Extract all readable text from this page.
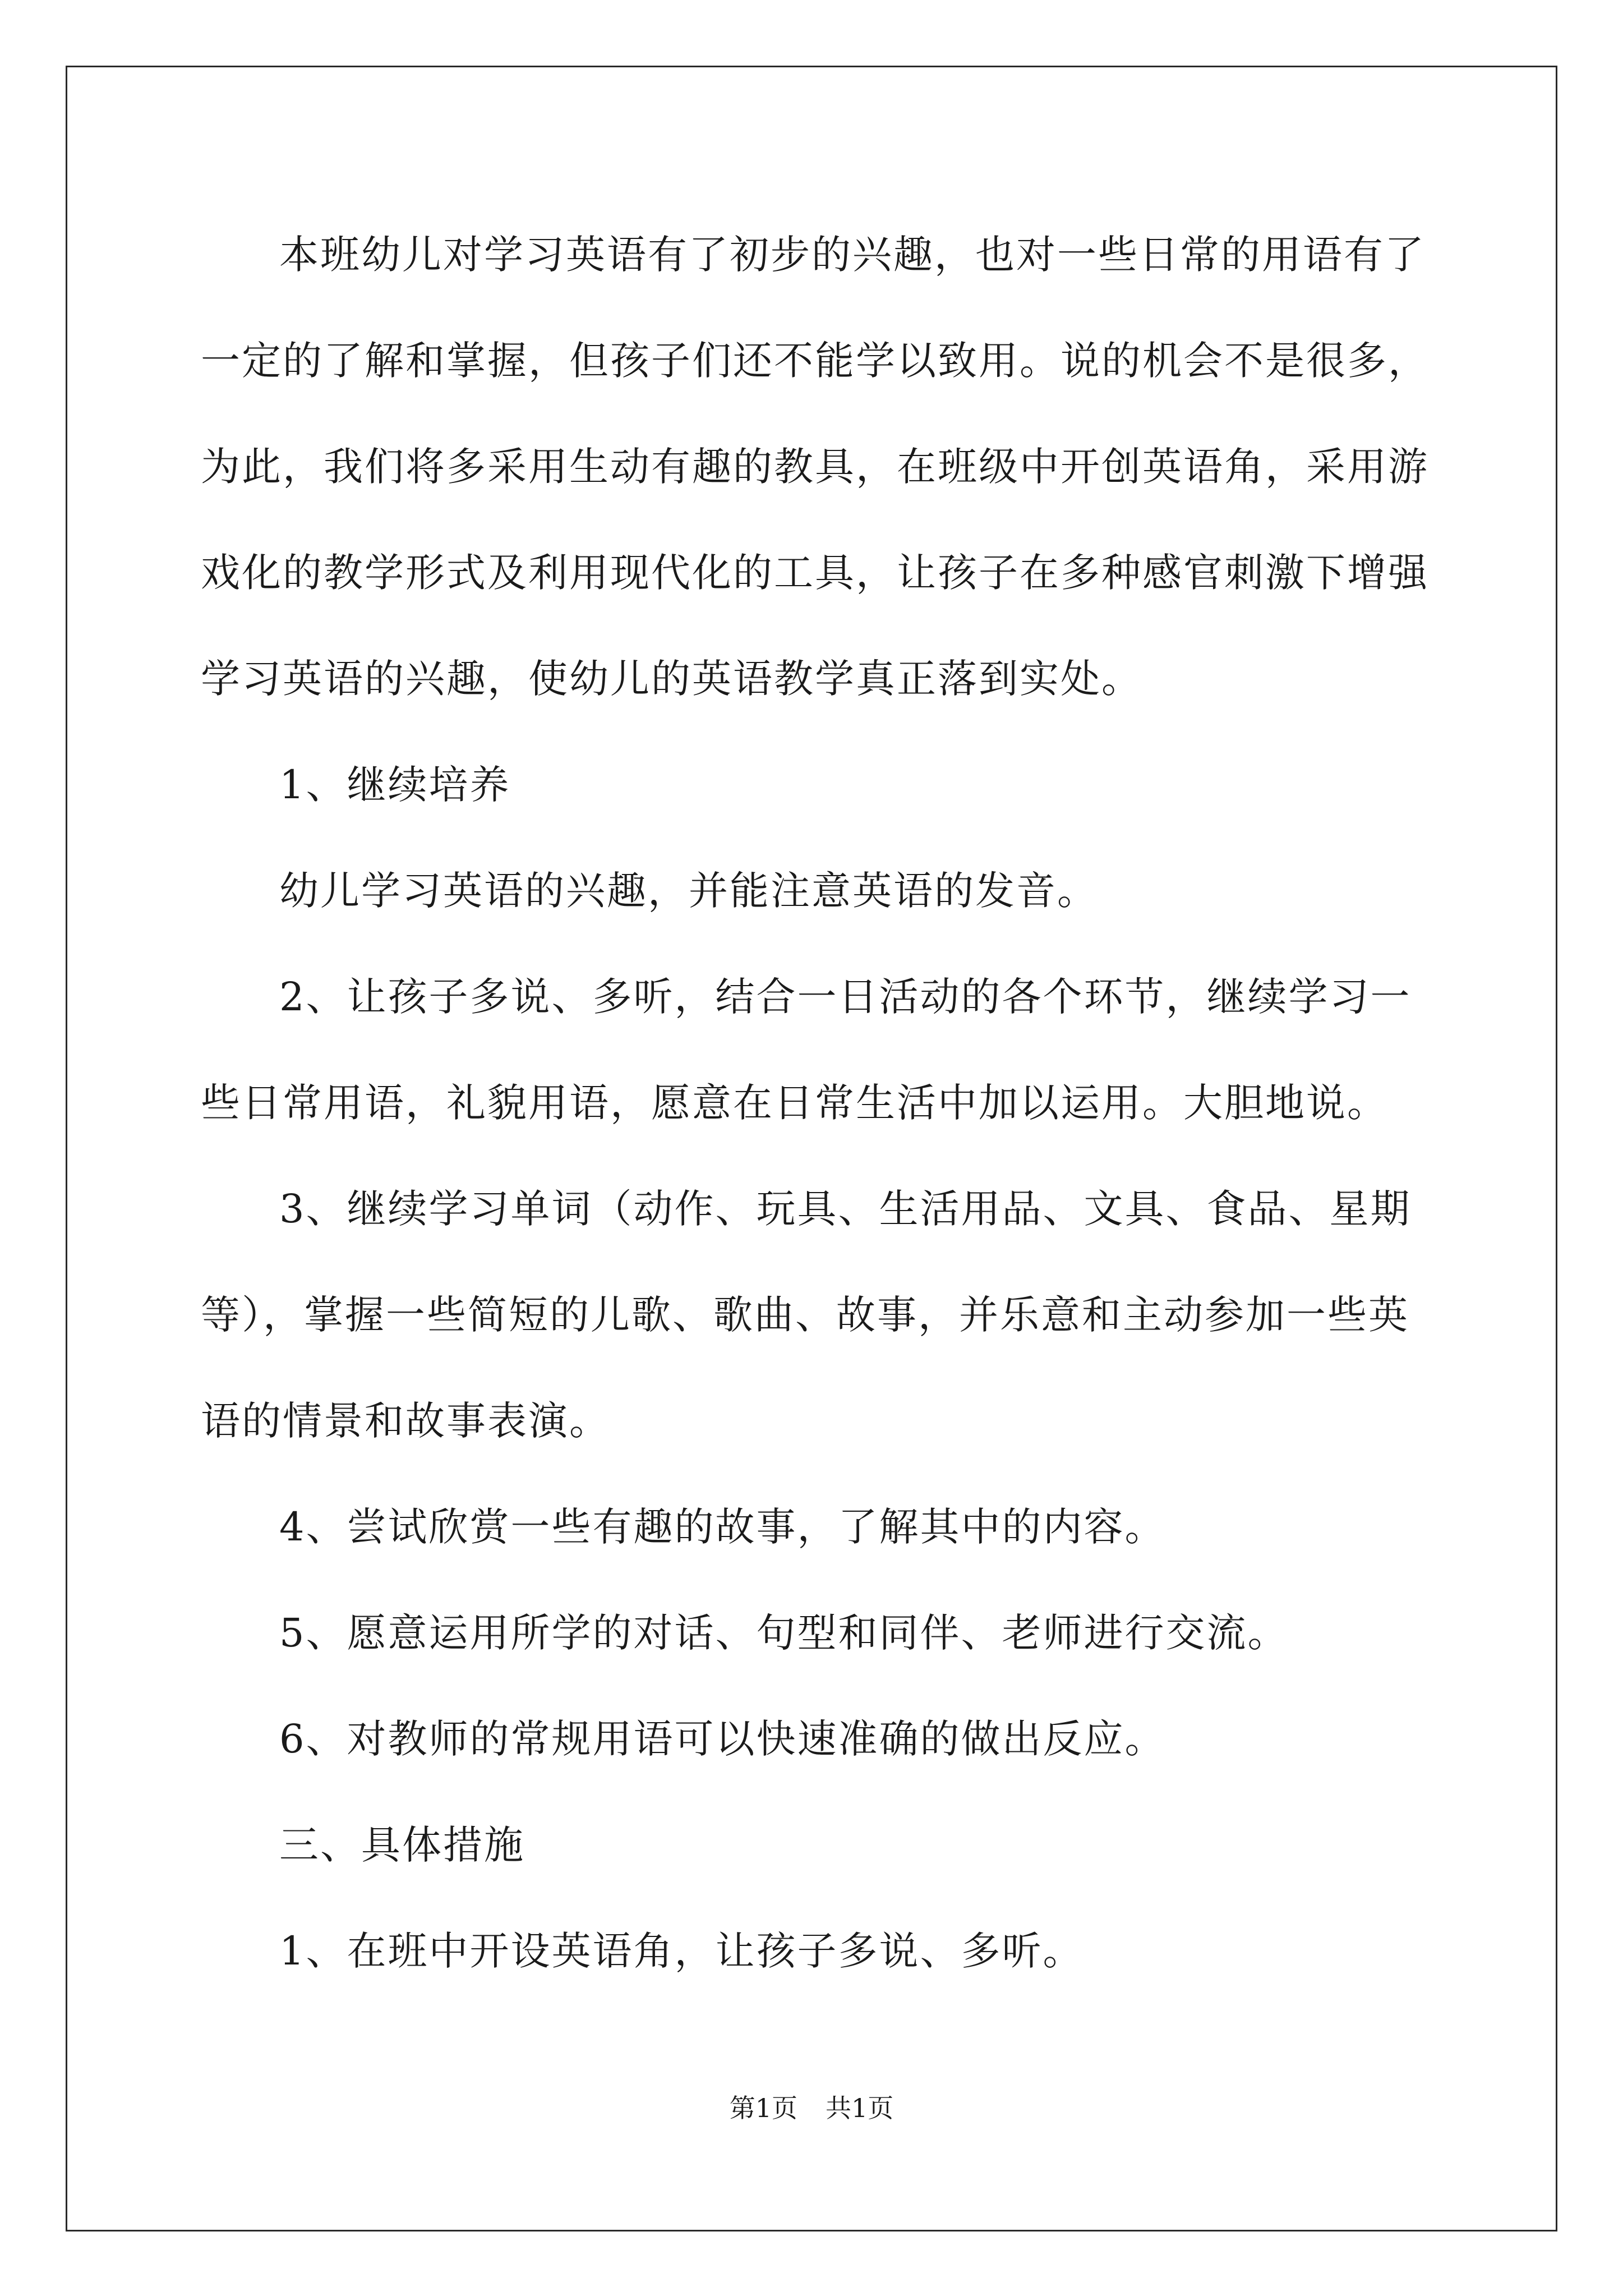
本班幼儿对学习英语有了初步的兴趣，也对一些日常的用语有了一定的了解和掌握，但孩子们还不能学以致用。说的机会不是很多，为此，我们将多采用生动有趣的教具，在班级中开创英语角，采用游戏化的教学形式及利用现代化的工具，让孩子在多种感官刺激下增强学习英语的兴趣，使幼儿的英语教学真正落到实处。

1、继续培养

幼儿学习英语的兴趣，并能注意英语的发音。

2、让孩子多说、多听，结合一日活动的各个环节，继续学习一些日常用语，礼貌用语，愿意在日常生活中加以运用。大胆地说。

3、继续学习单词（动作、玩具、生活用品、文具、食品、星期等），掌握一些简短的儿歌、歌曲、故事，并乐意和主动参加一些英语的情景和故事表演。

4、尝试欣赏一些有趣的故事，了解其中的内容。

5、愿意运用所学的对话、句型和同伴、老师进行交流。

6、对教师的常规用语可以快速准确的做出反应。

三、具体措施

1、在班中开设英语角，让孩子多说、多听。

第1页 共1页
